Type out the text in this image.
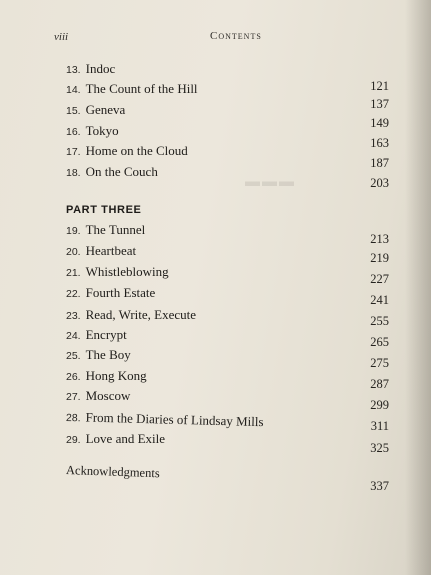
▬▬▬
viii	Contents
13. Indoc
14. The Count of the Hill
15. Geneva
16. Tokyo
17. Home on the Cloud
18. On the Couch
121
137
149
163
187
203
PART THREE
19. The Tunnel
20. Heartbeat
21. Whistleblowing
22. Fourth Estate
23. Read, Write, Execute
24. Encrypt
25. The Boy
26. Hong Kong
27. Moscow
28. From the Diaries of Lindsay Mills
29. Love and Exile
213
219
227
241
255
265
275
287
299
311
325
Acknowledgments
337
